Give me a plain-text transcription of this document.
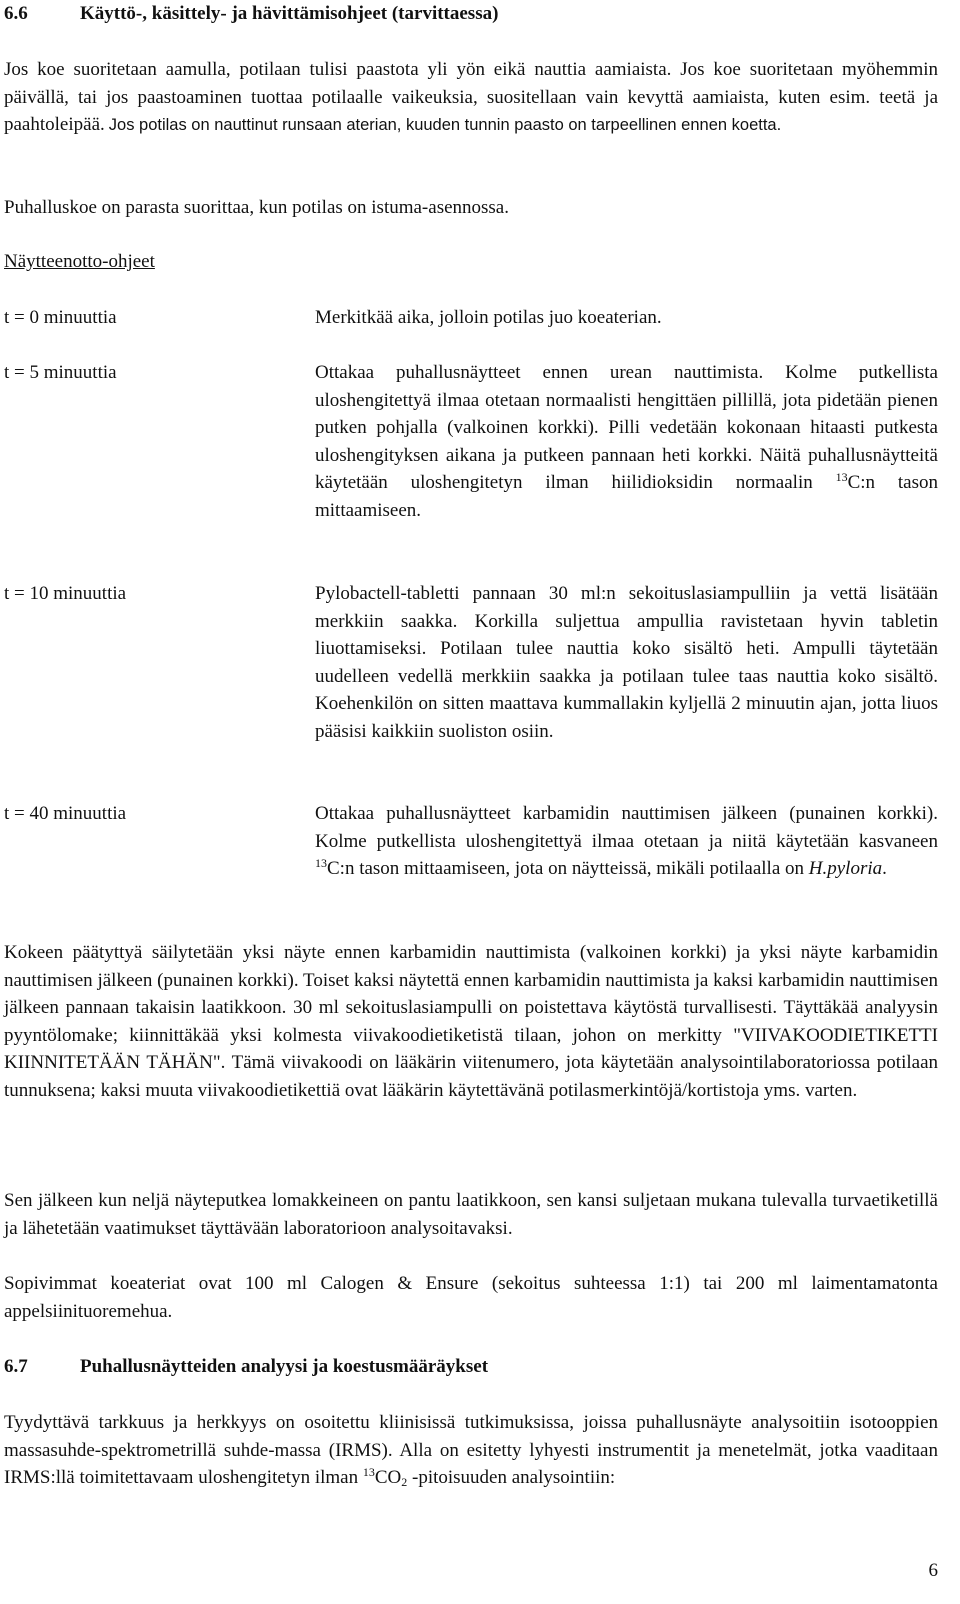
6.6	Käyttö-, käsittely- ja hävittämisohjeet (tarvittaessa)

Jos koe suoritetaan aamulla, potilaan tulisi paastota yli yön eikä nauttia aamiaista. Jos koe suoritetaan myöhemmin päivällä, tai jos paastoaminen tuottaa potilaalle vaikeuksia, suositellaan vain kevyttä aamiaista, kuten esim. teetä ja paahtoleipää. Jos potilas on nauttinut runsaan aterian, kuuden tunnin paasto on tarpeellinen ennen koetta.

Puhalluskoe on parasta suorittaa, kun potilas on istuma-asennossa.

Näytteenotto-ohjeet

t = 0 minuuttia	Merkitkää aika, jolloin potilas juo koeaterian.

t = 5 minuuttia	Ottakaa puhallusnäytteet ennen urean nauttimista. Kolme putkellista uloshengitettyä ilmaa otetaan normaalisti hengittäen pillillä, jota pidetään pienen putken pohjalla (valkoinen korkki). Pilli vedetään kokonaan hitaasti putkesta uloshengityksen aikana ja putkeen pannaan heti korkki. Näitä puhallusnäytteitä käytetään uloshengitetyn ilman hiilidioksidin normaalin $^{13}$C:n tason mittaamiseen.

t = 10 minuuttia	Pylobactell-tabletti pannaan 30 ml:n sekoituslasiampulliin ja vettä lisätään merkkiin saakka. Korkilla suljettua ampullia ravistetaan hyvin tabletin liuottamiseksi. Potilaan tulee nauttia koko sisältö heti. Ampulli täytetään uudelleen vedellä merkkiin saakka ja potilaan tulee taas nauttia koko sisältö. Koehenkilön on sitten maattava kummallakin kyljellä 2 minuutin ajan, jotta liuos pääsisi kaikkiin suoliston osiin.

t = 40 minuuttia	Ottakaa puhallusnäytteet karbamidin nauttimisen jälkeen (punainen korkki). Kolme putkellista uloshengitettyä ilmaa otetaan ja niitä käytetään kasvaneen $^{13}$C:n tason mittaamiseen, jota on näytteissä, mikäli potilaalla on H.pyloria.

Kokeen päätyttyä säilytetään yksi näyte ennen karbamidin nauttimista (valkoinen korkki) ja yksi näyte karbamidin nauttimisen jälkeen (punainen korkki). Toiset kaksi näytettä ennen karbamidin nauttimista ja kaksi karbamidin nauttimisen jälkeen pannaan takaisin laatikkoon. 30 ml sekoituslasiampulli on poistettava käytöstä turvallisesti. Täyttäkää analyysin pyyntölomake; kiinnittäkää yksi kolmesta viivakoodietiketistä tilaan, johon on merkitty "VIIVAKOODIETIKETTI KIINNITETÄÄN TÄHÄN". Tämä viivakoodi on lääkärin viitenumero, jota käytetään analysointilaboratoriossa potilaan tunnuksena; kaksi muuta viivakoodietikettiä ovat lääkärin käytettävänä potilasmerkintöjä/kortistoja yms. varten.

Sen jälkeen kun neljä näyteputkea lomakkeineen on pantu laatikkoon, sen kansi suljetaan mukana tulevalla turvaetiketillä ja lähetetään vaatimukset täyttävään laboratorioon analysoitavaksi.

Sopivimmat koeateriat ovat 100 ml Calogen & Ensure (sekoitus suhteessa 1:1) tai 200 ml laimentamatonta appelsiinituoremehua.

6.7	Puhallusnäytteiden analyysi ja koestusmääräykset

Tyydyttävä tarkkuus ja herkkyys on osoitettu kliinisissä tutkimuksissa, joissa puhallusnäyte analysoitiin isotooppien massasuhde-spektrometrillä suhde-massa (IRMS). Alla on esitetty lyhyesti instrumentit ja menetelmät, jotka vaaditaan IRMS:llä toimitettavaam uloshengitetyn ilman $^{13}CO_2$ -pitoisuuden analysointiin:

6
